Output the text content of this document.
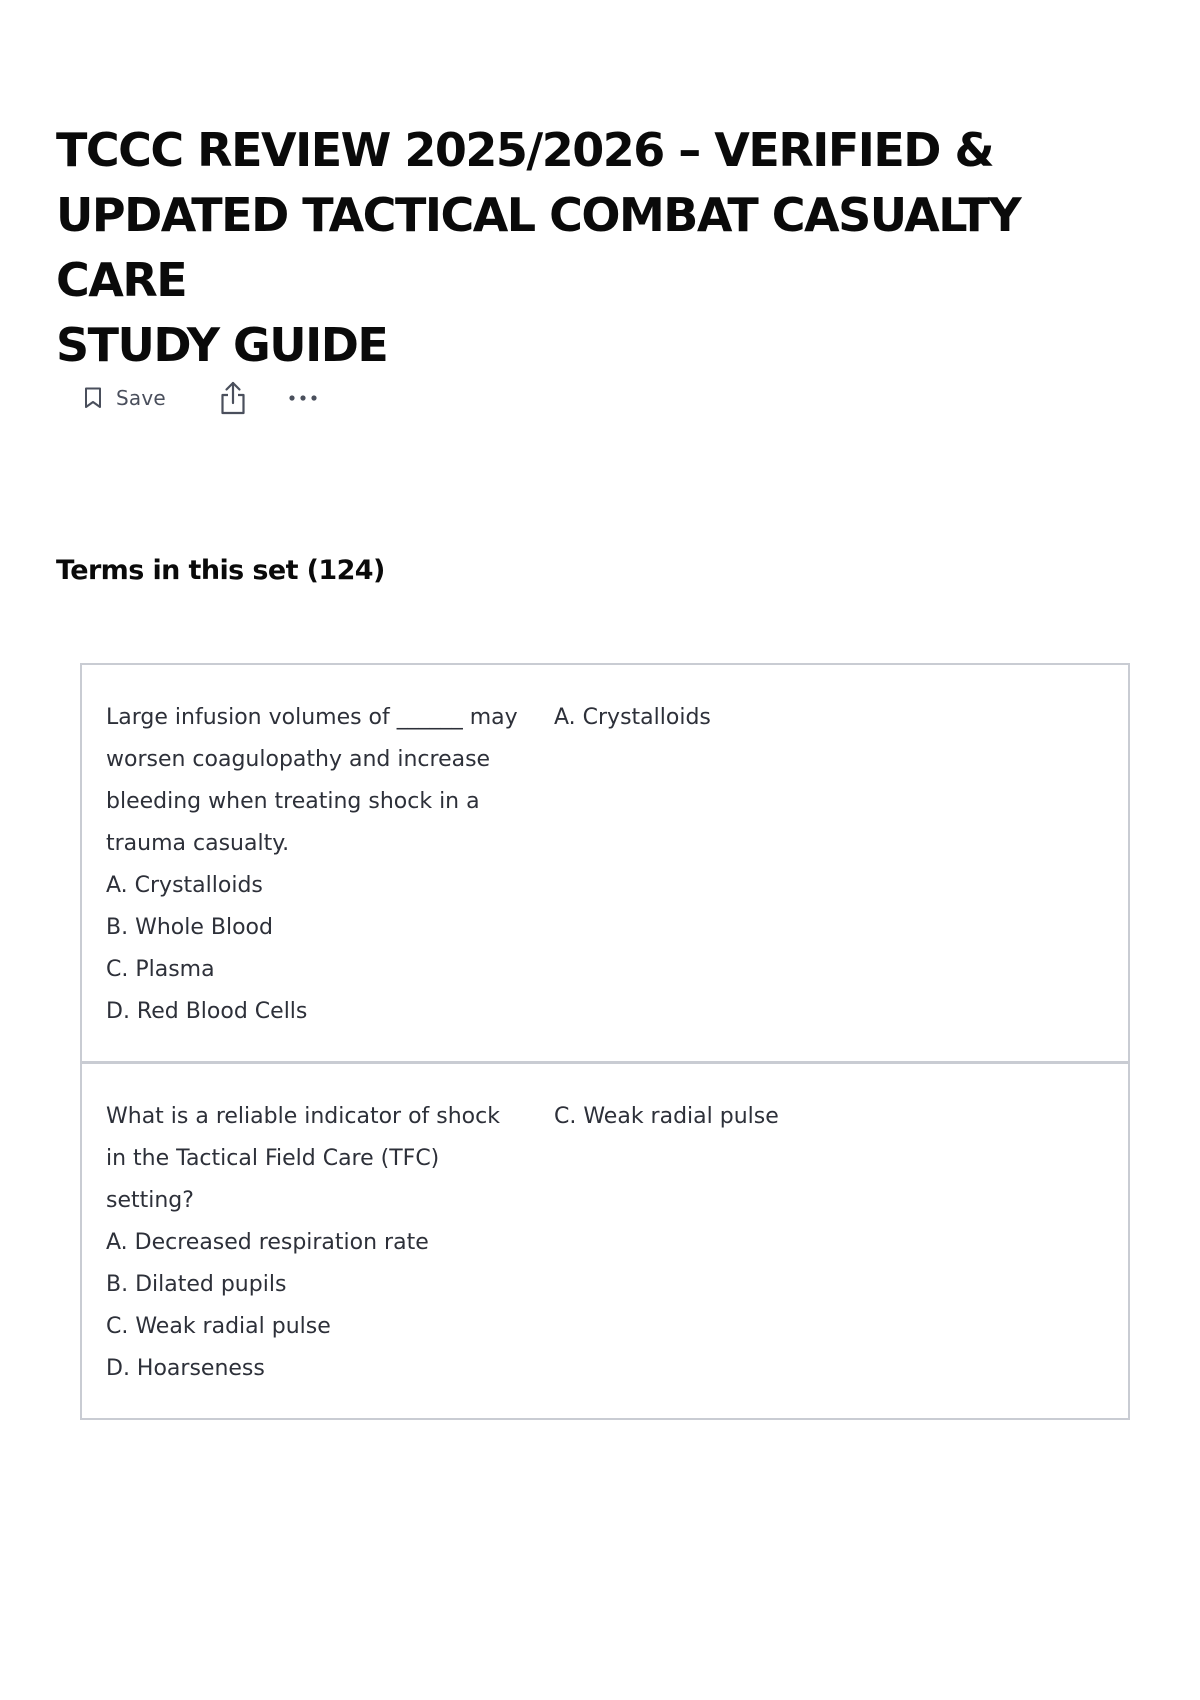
TCCC REVIEW 2025/2026 – VERIFIED &
UPDATED TACTICAL COMBAT CASUALTY CARE
STUDY GUIDE
Save
Terms in this set (124)
Large infusion volumes of ______ may
worsen coagulopathy and increase
bleeding when treating shock in a
trauma casualty.
A. Crystalloids
B. Whole Blood
C. Plasma
D. Red Blood Cells
A. Crystalloids
What is a reliable indicator of shock
in the Tactical Field Care (TFC)
setting?
A. Decreased respiration rate
B. Dilated pupils
C. Weak radial pulse
D. Hoarseness
C. Weak radial pulse
